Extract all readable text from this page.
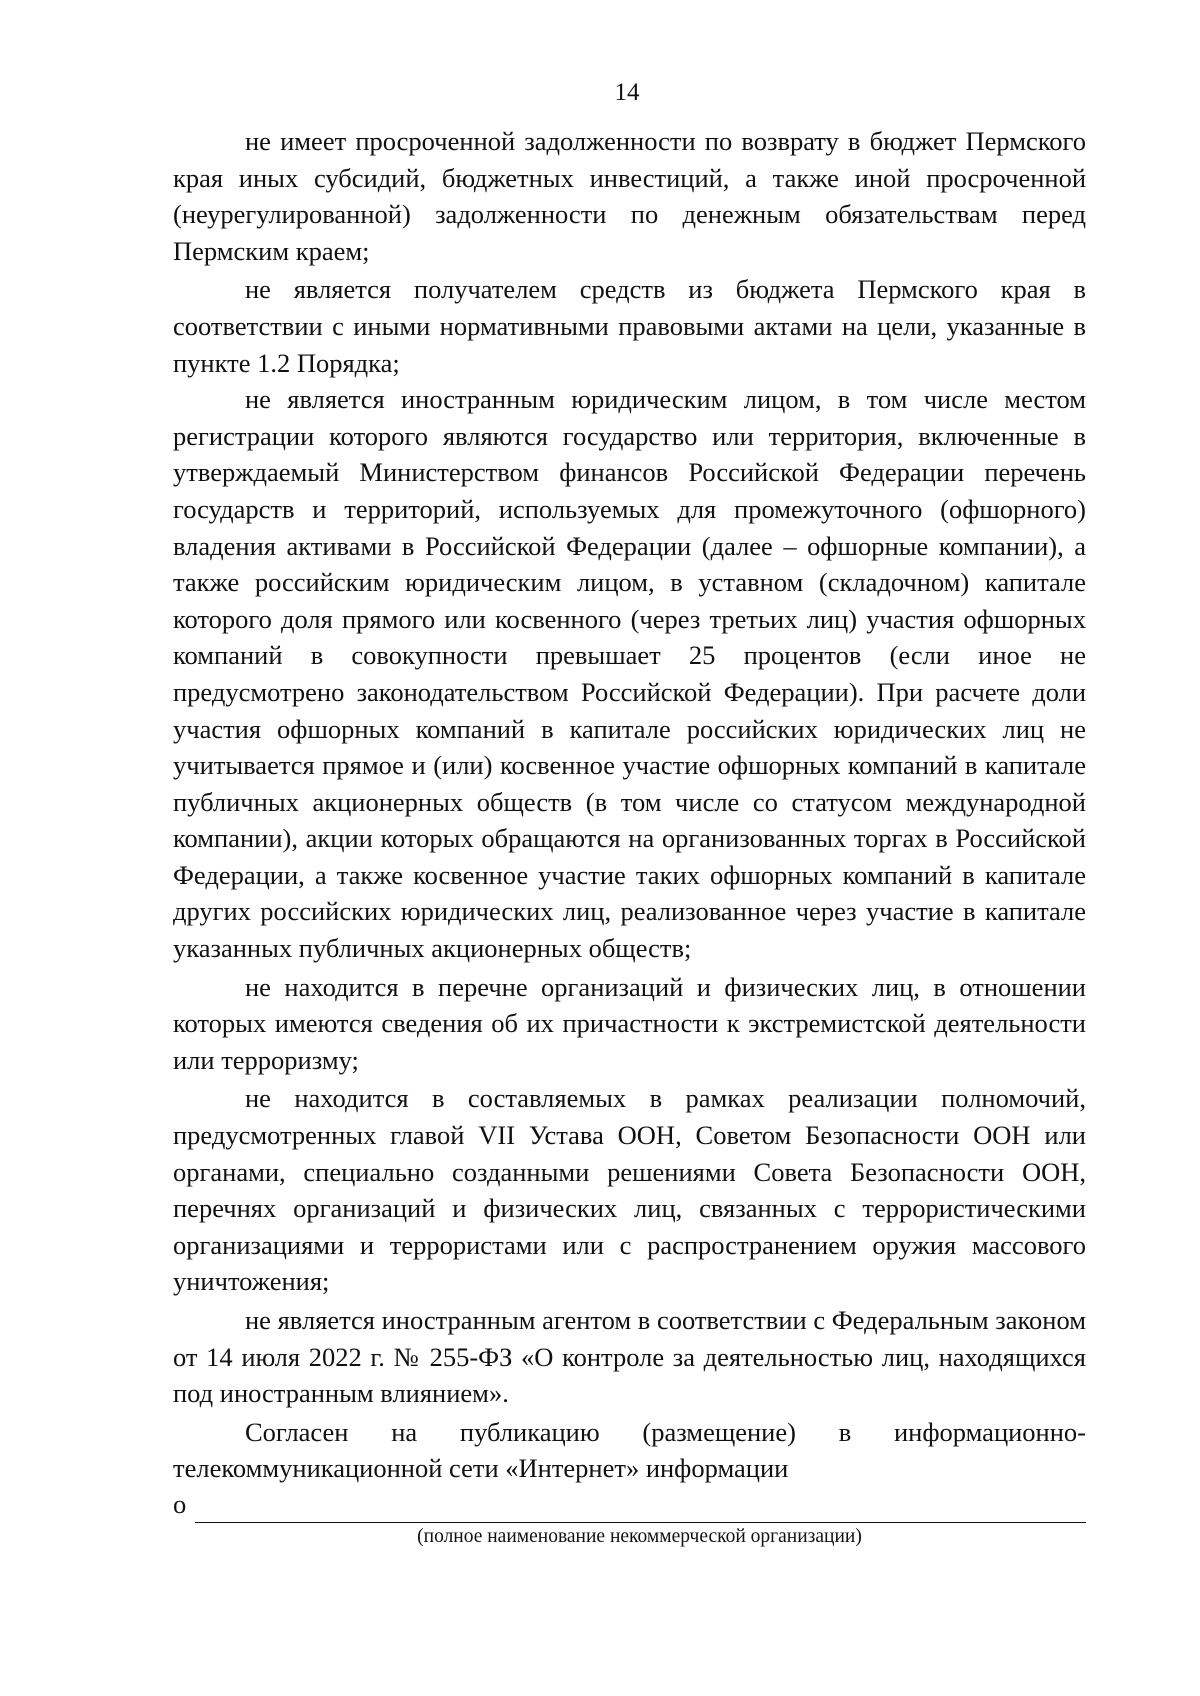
14

не имеет просроченной задолженности по возврату в бюджет Пермского края иных субсидий, бюджетных инвестиций, а также иной просроченной (неурегулированной) задолженности по денежным обязательствам перед Пермским краем;

не является получателем средств из бюджета Пермского края в соответствии с иными нормативными правовыми актами на цели, указанные в пункте 1.2 Порядка;

не является иностранным юридическим лицом, в том числе местом регистрации которого являются государство или территория, включенные в утверждаемый Министерством финансов Российской Федерации перечень государств и территорий, используемых для промежуточного (офшорного) владения активами в Российской Федерации (далее – офшорные компании), а также российским юридическим лицом, в уставном (складочном) капитале которого доля прямого или косвенного (через третьих лиц) участия офшорных компаний в совокупности превышает 25 процентов (если иное не предусмотрено законодательством Российской Федерации). При расчете доли участия офшорных компаний в капитале российских юридических лиц не учитывается прямое и (или) косвенное участие офшорных компаний в капитале публичных акционерных обществ (в том числе со статусом международной компании), акции которых обращаются на организованных торгах в Российской Федерации, а также косвенное участие таких офшорных компаний в капитале других российских юридических лиц, реализованное через участие в капитале указанных публичных акционерных обществ;

не находится в перечне организаций и физических лиц, в отношении которых имеются сведения об их причастности к экстремистской деятельности или терроризму;

не находится в составляемых в рамках реализации полномочий, предусмотренных главой VII Устава ООН, Советом Безопасности ООН или органами, специально созданными решениями Совета Безопасности ООН, перечнях организаций и физических лиц, связанных с террористическими организациями и террористами или с распространением оружия массового уничтожения;

не является иностранным агентом в соответствии с Федеральным законом от 14 июля 2022 г. № 255-ФЗ «О контроле за деятельностью лиц, находящихся под иностранным влиянием».

Согласен на публикацию (размещение) в информационно-телекоммуникационной сети «Интернет» информации

о
(полное наименование некоммерческой организации)
